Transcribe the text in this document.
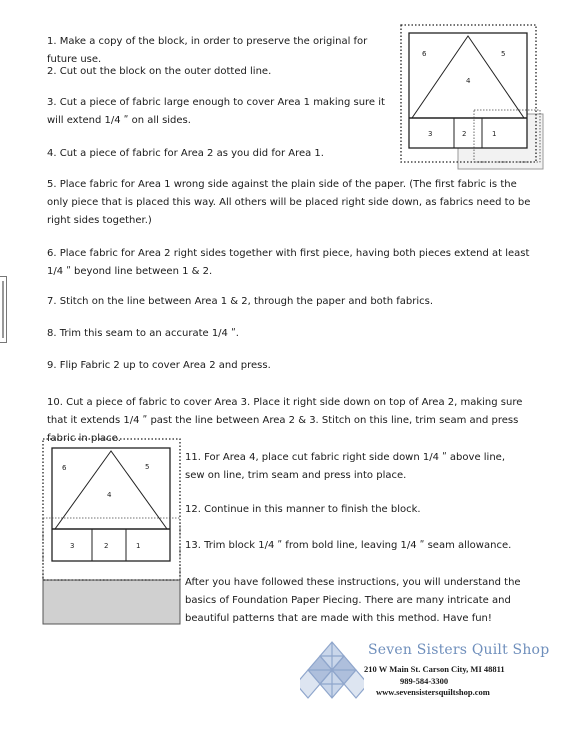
1. Make a copy of the block, in order to preserve the original for future use.

2. Cut out the block on the outer dotted line.

3. Cut a piece of fabric large enough to cover Area 1 making sure it will extend 1/4 ʺ on all sides.

4. Cut a piece of fabric for Area 2 as you did for Area 1.

5. Place fabric for Area 1 wrong side against the plain side of the paper. (The first fabric is the only piece that is placed this way. All others will be placed right side down, as fabrics need to be right sides together.)

6. Place fabric for Area 2 right sides together with first piece, having both pieces extend at least 1/4 ʺ beyond line between 1 & 2.

7. Stitch on the line between Area 1 & 2, through the paper and both fabrics.

8. Trim this seam to an accurate 1/4 ʺ.

9. Flip Fabric 2 up to cover Area 2 and press.

10. Cut a piece of fabric to cover Area 3. Place it right side down on top of Area 2, making sure that it extends 1/4 ʺ past the line between Area 2 & 3. Stitch on this line, trim seam and press fabric in place.

11. For Area 4, place cut fabric right side down 1/4 ʺ above line, sew on line, trim seam and press into place.

12. Continue in this manner to finish the block.

13. Trim block 1/4 ʺ from bold line, leaving 1/4 ʺ seam allowance.

After you have followed these instructions, you will understand the basics of Foundation Paper Piecing. There are many intricate and beautiful patterns that are made with this method. Have fun!

6	5
4
3	2	1
6	5
4
3	2	1
Seven Sisters Quilt Shop
210 W Main St. Carson City, MI 48811
989-584-3300
www.sevensistersquiltshop.com
